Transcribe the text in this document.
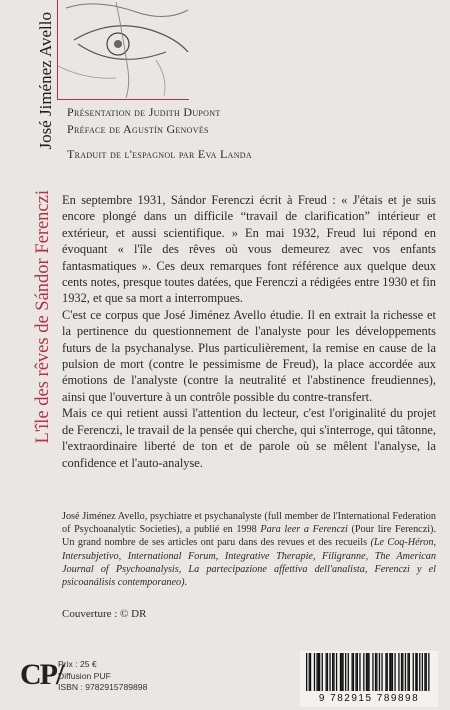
José Jiménez Avello
L'île des rêves de Sándor Ferenczi
Présentation de Judith Dupont
Préface de Agustín Genovés
Traduit de l'espagnol par Eva Landa

En septembre 1931, Sándor Ferenczi écrit à Freud : « J'étais et je suis encore plongé dans un difficile “travail de clarification” intérieur et extérieur, et aussi scientifique. » En mai 1932, Freud lui répond en évoquant « l'île des rêves où vous demeurez avec vos enfants fantasmatiques ». Ces deux remarques font référence aux quelque deux cents notes, presque toutes datées, que Ferenczi a rédigées entre 1930 et fin 1932, et que sa mort a interrompues.

C'est ce corpus que José Jiménez Avello étudie. Il en extrait la richesse et la pertinence du questionnement de l'analyste pour les développements futurs de la psychanalyse. Plus particulièrement, la remise en cause de la pulsion de mort (contre le pessimisme de Freud), la place accordée aux émotions de l'analyste (contre la neutralité et l'abstinence freudiennes), ainsi que l'ouverture à un contrôle possible du contre-transfert.

Mais ce qui retient aussi l'attention du lecteur, c'est l'originalité du projet de Ferenczi, le travail de la pensée qui cherche, qui s'interroge, qui tâtonne, l'extraordinaire liberté de ton et de parole où se mêlent l'analyse, la confidence et l'auto-analyse.

José Jiménez Avello, psychiatre et psychanalyste (full member de l'International Federation of Psychoanalytic Societies), a publié en 1998 Para leer a Ferenczi (Pour lire Ferenczi). Un grand nombre de ses articles ont paru dans des revues et des recueils (Le Coq-Héron, Intersubjetivo, International Forum, Integrative Therapie, Filigranne, The American Journal of Psychoanalysis, La partecipazione affettiva dell'analista, Ferenczi y el psicoanálisis contemporaneo).

Couverture : © DR
CP/
Prix : 25 €
Diffusion PUF
ISBN : 9782915789898
9 782915 789898
